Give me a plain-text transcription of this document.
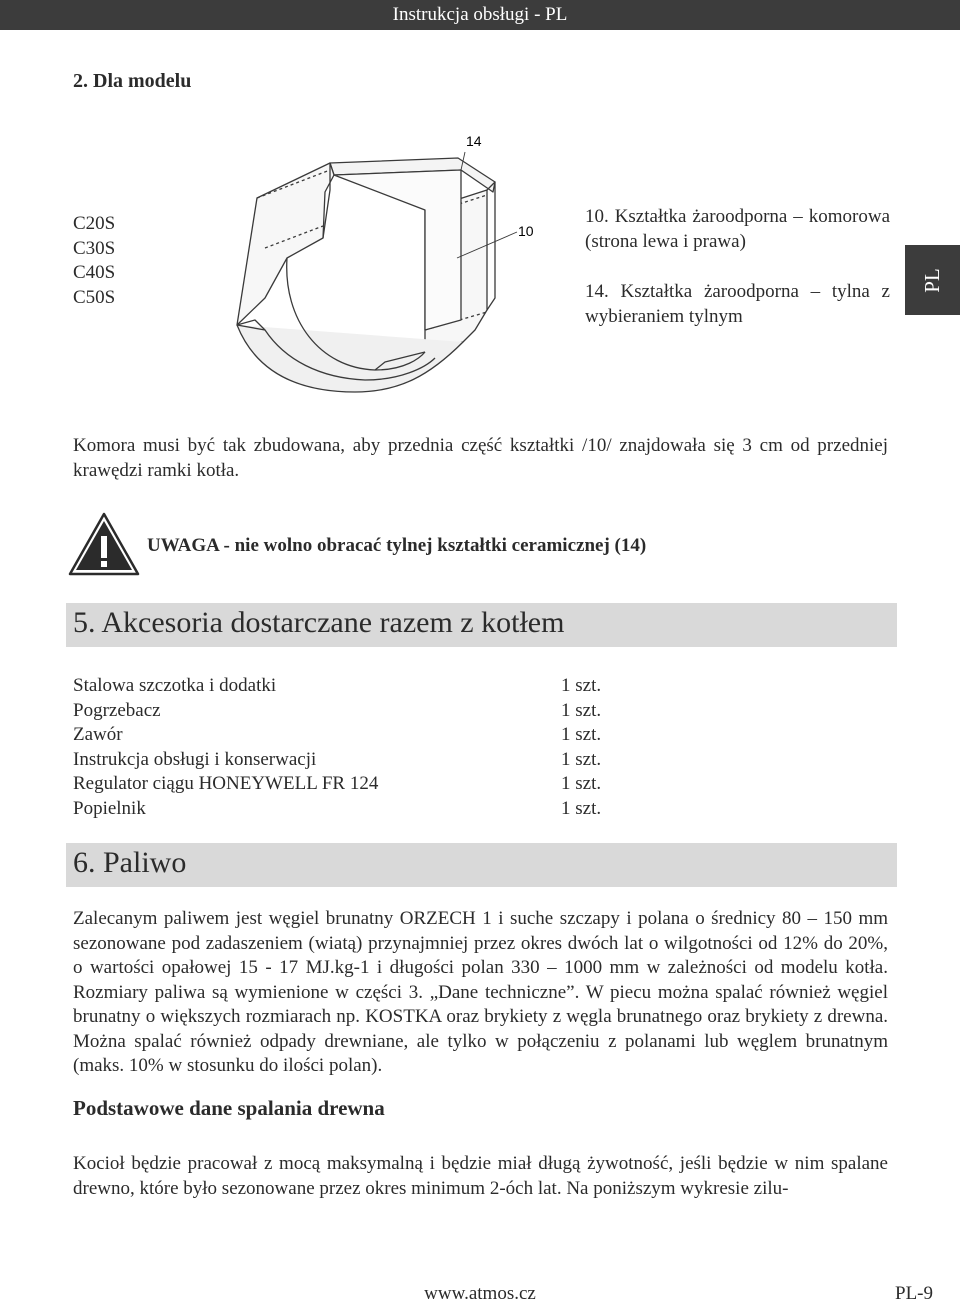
Instrukcja obsługi - PL
PL
2. Dla modelu
C20S
C30S
C40S
C50S
14
10
10. Kształtka żaroodporna – komorowa (strona lewa i prawa)
14. Kształtka żaroodporna – tylna z wybieraniem tylnym
Komora musi być tak zbudowana, aby przednia część kształtki /10/ znajdowała się 3 cm od przedniej krawędzi ramki kotła.
UWAGA - nie wolno obracać tylnej kształtki ceramicznej (14)
5. Akcesoria dostarczane razem z kotłem
Stalowa szczotka i dodatki	1 szt.
Pogrzebacz	1 szt.
Zawór	1 szt.
Instrukcja obsługi i konserwacji	1 szt.
Regulator ciągu HONEYWELL FR 124	1 szt.
Popielnik	1 szt.
6. Paliwo
Zalecanym paliwem jest węgiel brunatny ORZECH 1 i suche szczapy i polana o średnicy 80 – 150 mm sezonowane pod zadaszeniem (wiatą) przynajmniej przez okres dwóch lat o wilgotności od 12% do 20%, o wartości opałowej 15 - 17 MJ.kg-1 i długości polan 330 – 1000 mm w zależności od modelu kotła. Rozmiary paliwa są wymienione w części 3. „Dane techniczne”. W piecu można spalać również węgiel brunatny o większych rozmiarach np. KOSTKA oraz brykiety z węgla brunatnego oraz brykiety z drewna. Można spalać również odpady drewniane, ale tylko w połączeniu z polanami lub węglem brunatnym (maks. 10% w stosunku do ilości polan).
Podstawowe dane spalania drewna
Kocioł będzie pracował z mocą maksymalną i będzie miał długą żywotność, jeśli będzie w nim spalane drewno, które było sezonowane przez okres minimum 2-óch lat. Na poniższym wykresie zilu-
www.atmos.cz	PL-9
